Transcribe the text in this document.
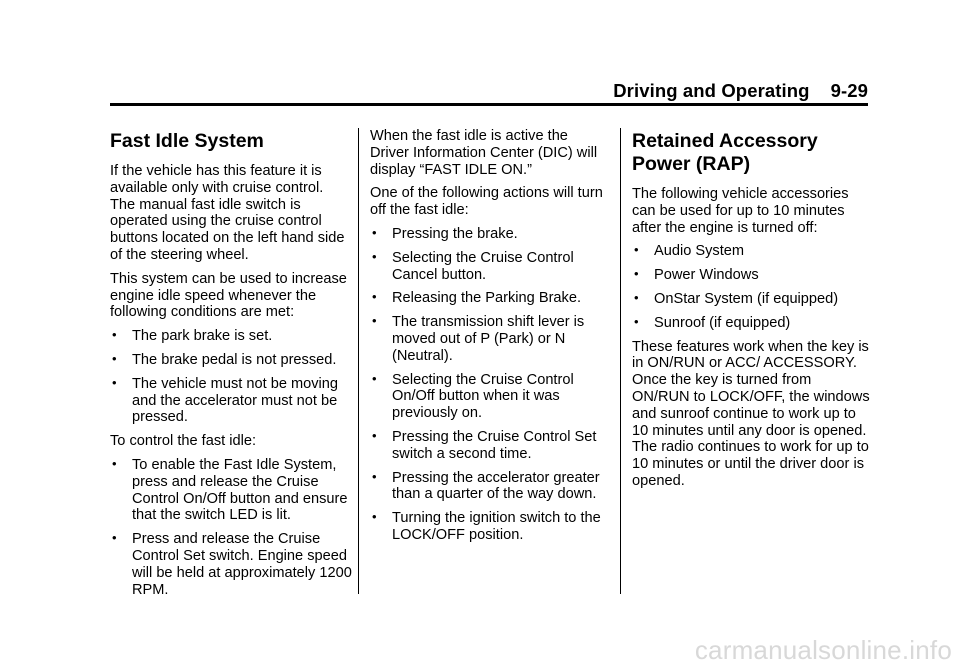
Driving and Operating 9-29
Fast Idle System

If the vehicle has this feature it is available only with cruise control. The manual fast idle switch is operated using the cruise control buttons located on the left hand side of the steering wheel.

This system can be used to increase engine idle speed whenever the following conditions are met:

• The park brake is set.
• The brake pedal is not pressed.
• The vehicle must not be moving and the accelerator must not be pressed.

To control the fast idle:

• To enable the Fast Idle System, press and release the Cruise Control On/Off button and ensure that the switch LED is lit.
• Press and release the Cruise Control Set switch. Engine speed will be held at approximately 1200 RPM.

When the fast idle is active the Driver Information Center (DIC) will display “FAST IDLE ON.”

One of the following actions will turn off the fast idle:

• Pressing the brake.
• Selecting the Cruise Control Cancel button.
• Releasing the Parking Brake.
• The transmission shift lever is moved out of P (Park) or N (Neutral).
• Selecting the Cruise Control On/Off button when it was previously on.
• Pressing the Cruise Control Set switch a second time.
• Pressing the accelerator greater than a quarter of the way down.
• Turning the ignition switch to the LOCK/OFF position.
Retained Accessory Power (RAP)

The following vehicle accessories can be used for up to 10 minutes after the engine is turned off:

• Audio System
• Power Windows
• OnStar System (if equipped)
• Sunroof (if equipped)

These features work when the key is in ON/RUN or ACC/ ACCESSORY. Once the key is turned from ON/RUN to LOCK/OFF, the windows and sunroof continue to work up to 10 minutes until any door is opened. The radio continues to work for up to 10 minutes or until the driver door is opened.

carmanualsonline.info
